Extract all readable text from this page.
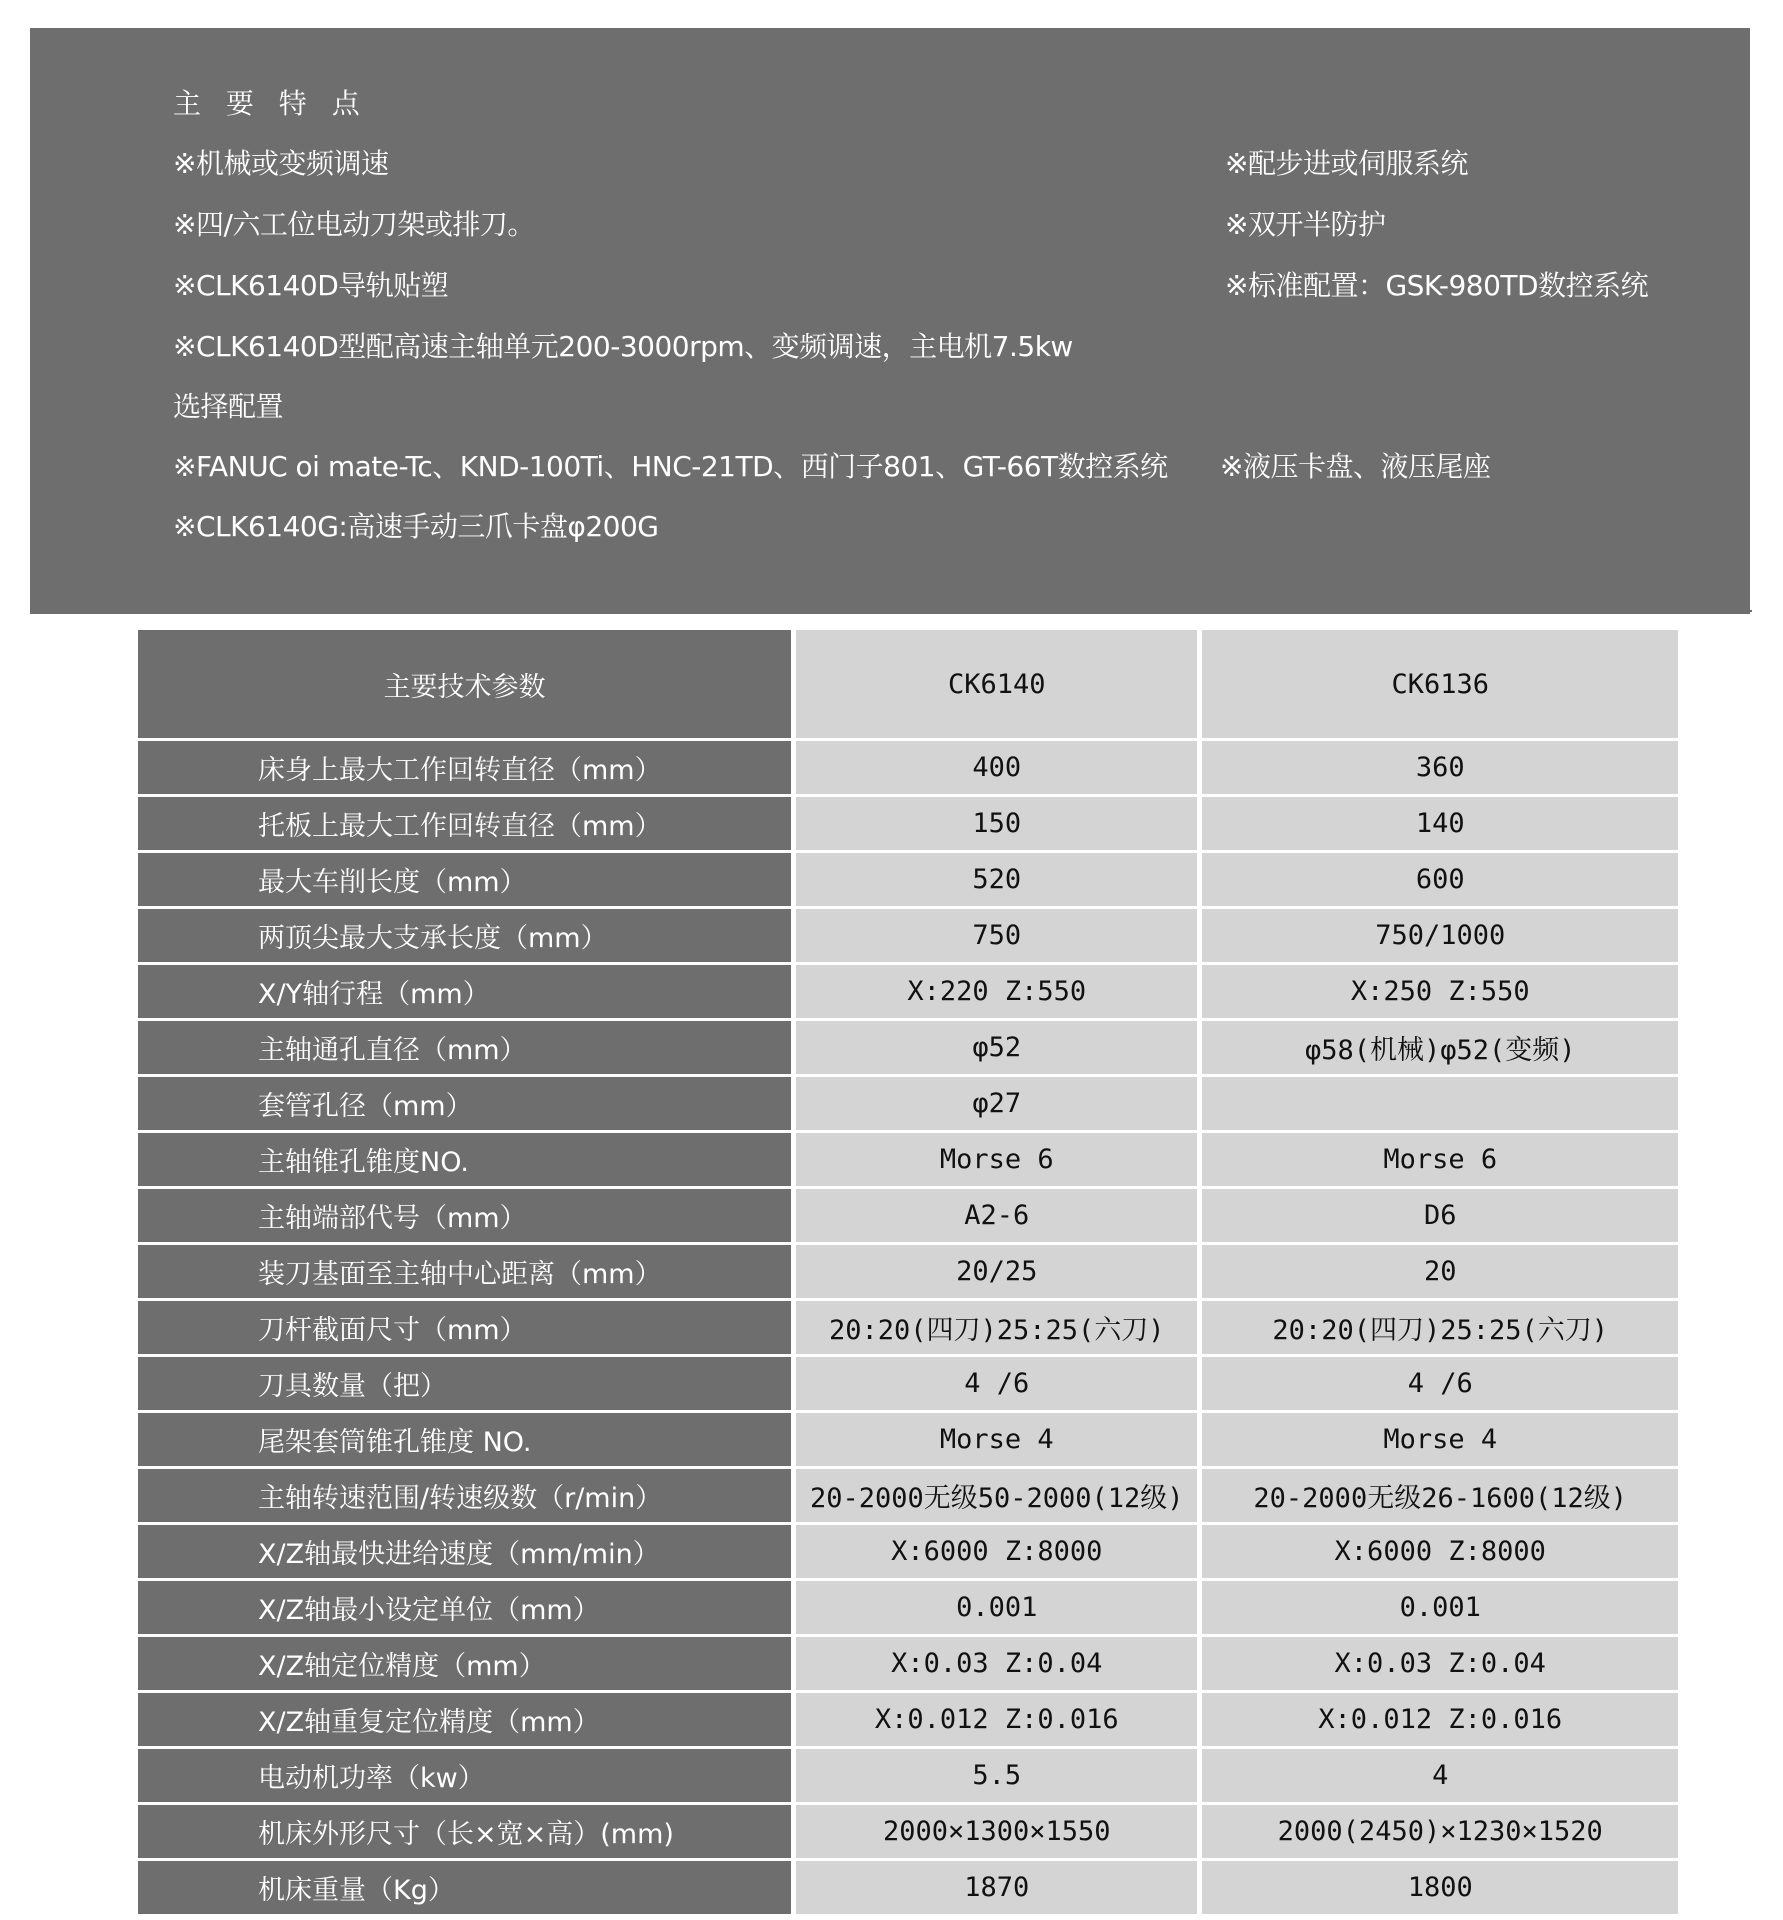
主 要 特 点
※机械或变频调速	※配步进或伺服系统
※四/六工位电动刀架或排刀。	※双开半防护
※CLK6140D导轨贴塑	※标准配置：GSK-980TD数控系统
※CLK6140D型配高速主轴单元200-3000rpm、变频调速，主电机7.5kw
选择配置
※FANUC oi mate-Tc、KND-100Ti、HNC-21TD、西门子801、GT-66T数控系统 ※液压卡盘、液压尾座
※CLK6140G:高速手动三爪卡盘φ200G
主要技术参数	CK6140	CK6136
床身上最大工作回转直径（mm）	400	360
托板上最大工作回转直径（mm）	150	140
最大车削长度（mm）	520	600
两顶尖最大支承长度（mm）	750	750/1000
X/Y轴行程（mm）	X:220 Z:550	X:250 Z:550
主轴通孔直径（mm）	φ52	φ58(机械)φ52(变频)
套管孔径（mm）	φ27	
主轴锥孔锥度NO.	Morse 6	Morse 6
主轴端部代号（mm）	A2-6	D6
装刀基面至主轴中心距离（mm）	20/25	20
刀杆截面尺寸（mm）	20:20(四刀)25:25(六刀)	20:20(四刀)25:25(六刀)
刀具数量（把）	4 /6	4 /6
尾架套筒锥孔锥度 NO.	Morse 4	Morse 4
主轴转速范围/转速级数（r/min）	20-2000无级50-2000(12级)	20-2000无级26-1600(12级)
X/Z轴最快进给速度（mm/min）	X:6000 Z:8000	X:6000 Z:8000
X/Z轴最小设定单位（mm）	0.001	0.001
X/Z轴定位精度（mm）	X:0.03 Z:0.04	X:0.03 Z:0.04
X/Z轴重复定位精度（mm）	X:0.012 Z:0.016	X:0.012 Z:0.016
电动机功率（kw）	5.5	4
机床外形尺寸（长×宽×高）(mm)	2000×1300×1550	2000(2450)×1230×1520
机床重量（Kg）	1870	1800
